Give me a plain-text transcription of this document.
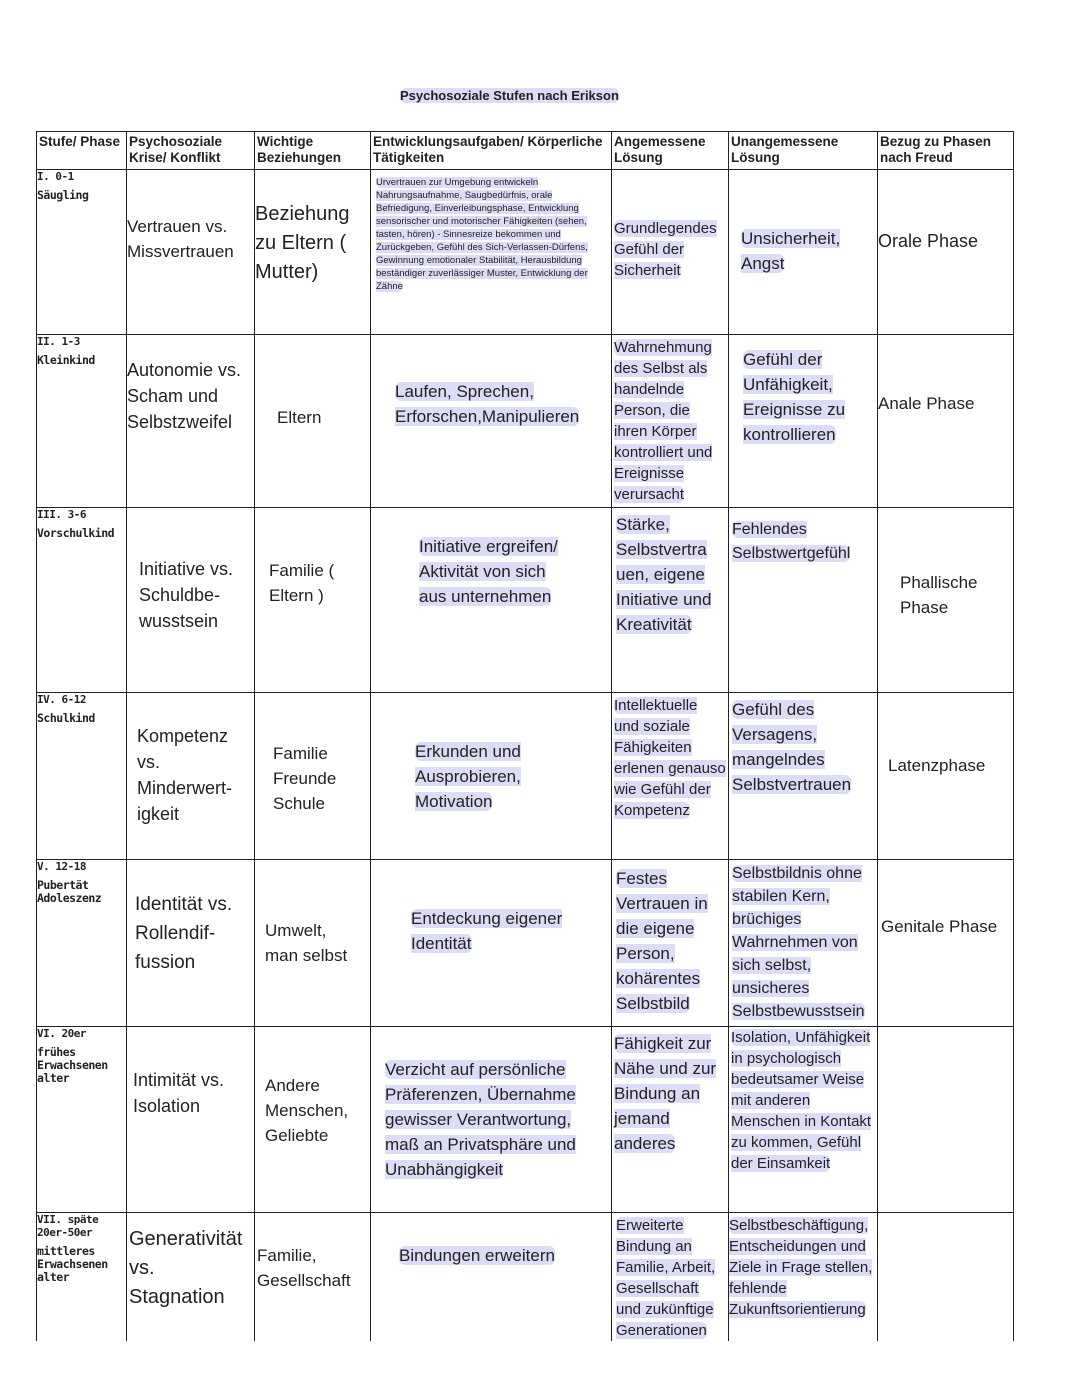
Psychosoziale Stufen nach Erikson
Stufe/ Phase	Psychosoziale Krise/ Konflikt	Wichtige Beziehungen	Entwicklungsaufgaben/ Körperliche Tätigkeiten	Angemessene Lösung	Unangemessene Lösung	Bezug zu Phasen nach Freud
I. 0-1
Säugling	Vertrauen vs. Missvertrauen	Beziehung zu Eltern ( Mutter)	Urvertrauen zur Umgebung entwickeln Nahrungsaufnahme, Saugbedürfnis, orale Befriedigung, Einverleibungsphase, Entwicklung sensorischer und motorischer Fähigkeiten (sehen, tasten, hören) - Sinnesreize bekommen und Zurückgeben, Gefühl des Sich-Verlassen-Dürfens, Gewinnung emotionaler Stabilität, Herausbildung beständiger zuverlässiger Muster, Entwicklung der Zähne	Grundlegendes Gefühl der Sicherheit	Unsicherheit, Angst	Orale Phase
II. 1-3
Kleinkind	Autonomie vs. Scham und Selbstzweifel	Eltern	Laufen, Sprechen, Erforschen,Manipulieren	Wahrnehmung des Selbst als handelnde Person, die ihren Körper kontrolliert und Ereignisse verursacht	Gefühl der Unfähigkeit, Ereignisse zu kontrollieren	Anale Phase
III. 3-6
Vorschulkind	Initiative vs. Schuldbe- wusstsein	Familie ( Eltern )	Initiative ergreifen/ Aktivität von sich aus unternehmen	Stärke, Selbstvertra uen, eigene Initiative und Kreativität	Fehlendes Selbstwertgefühl	Phallische Phase
IV. 6-12
Schulkind	Kompetenz vs. Minderwert- igkeit	Familie Freunde Schule	Erkunden und Ausprobieren, Motivation	Intellektuelle und soziale Fähigkeiten erlenen genauso wie Gefühl der Kompetenz	Gefühl des Versagens, mangelndes Selbstvertrauen	Latenzphase
V. 12-18
Pubertät Adoleszenz	Identität vs. Rollendif- fussion	Umwelt, man selbst	Entdeckung eigener Identität	Festes Vertrauen in die eigene Person, kohärentes Selbstbild	Selbstbildnis ohne stabilen Kern, brüchiges Wahrnehmen von sich selbst, unsicheres Selbstbewusstsein	Genitale Phase
VI. 20er
frühes Erwachsenen alter	Intimität vs. Isolation	Andere Menschen, Geliebte	Verzicht auf persönliche Präferenzen, Übernahme gewisser Verantwortung, maß an Privatsphäre und Unabhängigkeit	Fähigkeit zur Nähe und zur Bindung an jemand anderes	Isolation, Unfähigkeit in psychologisch bedeutsamer Weise mit anderen Menschen in Kontakt zu kommen, Gefühl der Einsamkeit	
VII. späte 20er-50er
mittleres Erwachsenen alter	Generativität vs. Stagnation	Familie, Gesellschaft	Bindungen erweitern	Erweiterte Bindung an Familie, Arbeit, Gesellschaft und zukünftige Generationen	Selbstbeschäftigung, Entscheidungen und Ziele in Frage stellen, fehlende Zukunftsorientierung	
